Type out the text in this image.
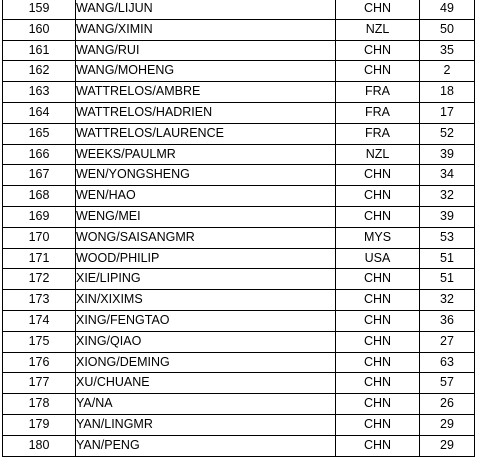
159	WANG/LIJUN	CHN	49
160	WANG/XIMIN	NZL	50
161	WANG/RUI	CHN	35
162	WANG/MOHENG	CHN	2
163	WATTRELOS/AMBRE	FRA	18
164	WATTRELOS/HADRIEN	FRA	17
165	WATTRELOS/LAURENCE	FRA	52
166	WEEKS/PAULMR	NZL	39
167	WEN/YONGSHENG	CHN	34
168	WEN/HAO	CHN	32
169	WENG/MEI	CHN	39
170	WONG/SAISANGMR	MYS	53
171	WOOD/PHILIP	USA	51
172	XIE/LIPING	CHN	51
173	XIN/XIXIMS	CHN	32
174	XING/FENGTAO	CHN	36
175	XING/QIAO	CHN	27
176	XIONG/DEMING	CHN	63
177	XU/CHUANE	CHN	57
178	YA/NA	CHN	26
179	YAN/LINGMR	CHN	29
180	YAN/PENG	CHN	29
